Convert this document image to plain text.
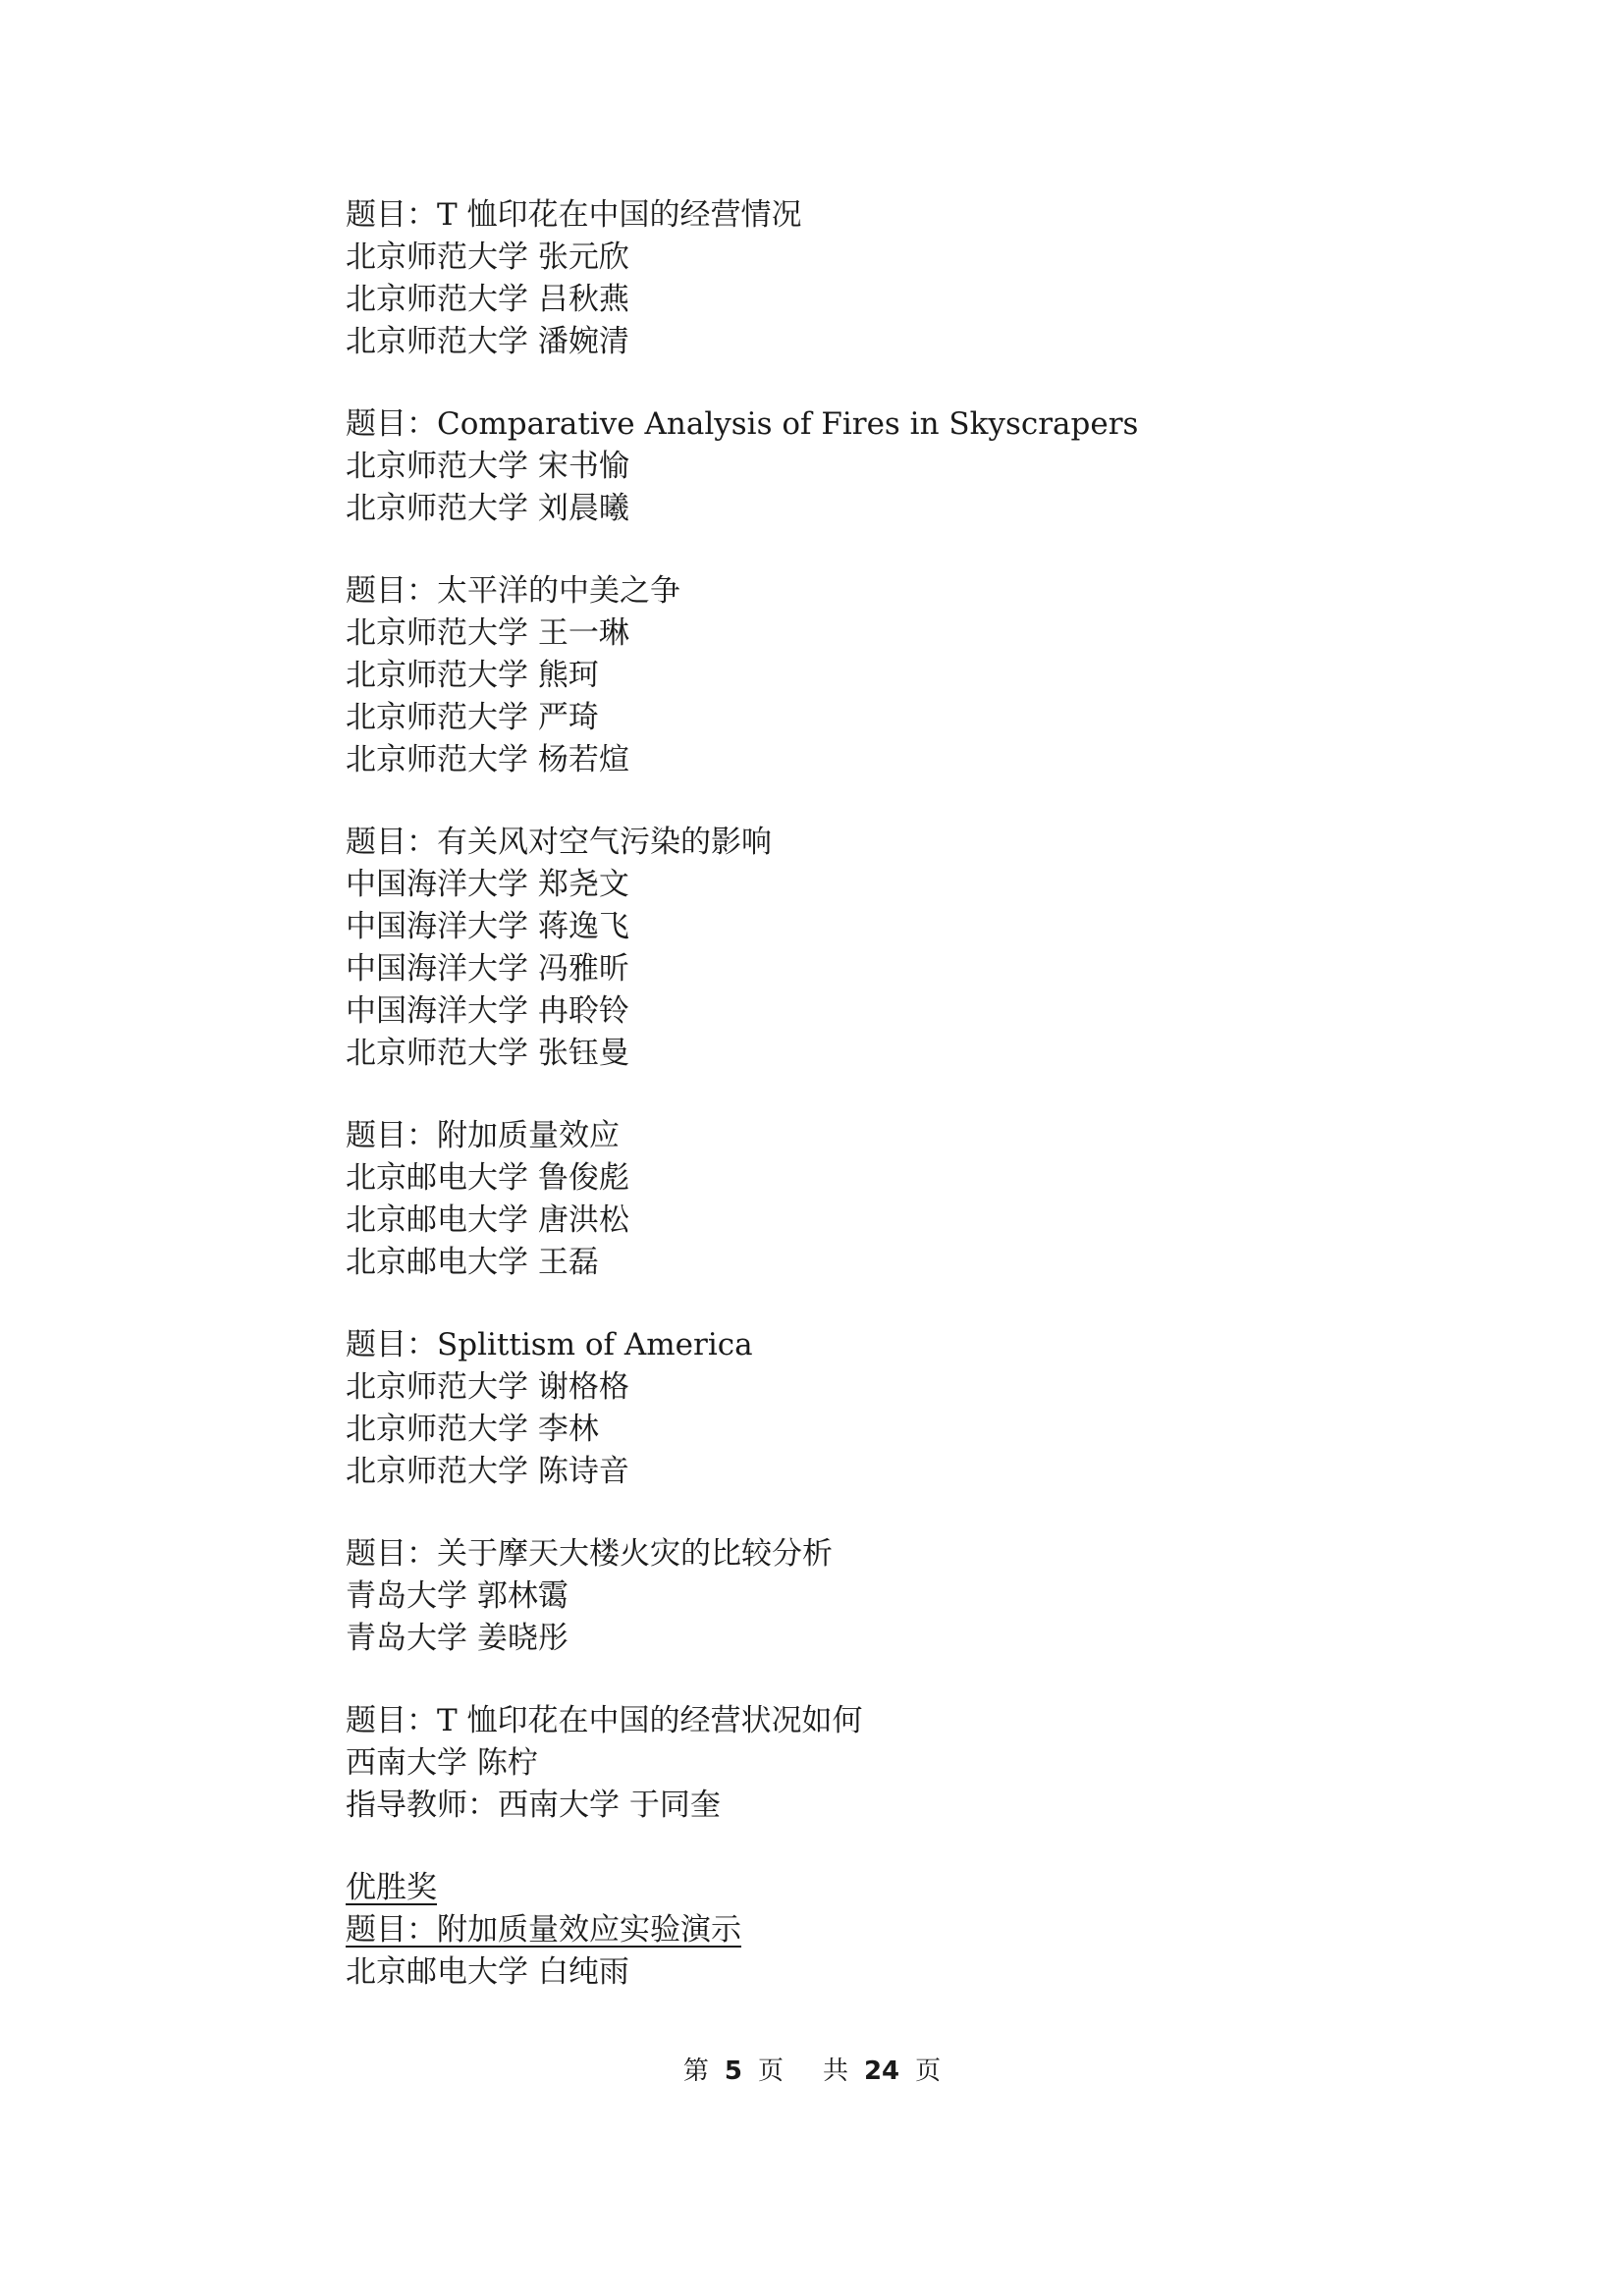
题目：T 恤印花在中国的经营情况
北京师范大学 张元欣
北京师范大学 吕秋燕
北京师范大学 潘婉清
题目：Comparative Analysis of Fires in Skyscrapers
北京师范大学 宋书愉
北京师范大学 刘晨曦
题目：太平洋的中美之争
北京师范大学 王一琳
北京师范大学 熊珂
北京师范大学 严琦
北京师范大学 杨若煊
题目：有关风对空气污染的影响
中国海洋大学 郑尧文
中国海洋大学 蒋逸飞
中国海洋大学 冯雅昕
中国海洋大学 冉聆铃
北京师范大学 张钰曼
题目：附加质量效应
北京邮电大学 鲁俊彪
北京邮电大学 唐洪松
北京邮电大学 王磊
题目：Splittism of America
北京师范大学 谢格格
北京师范大学 李林
北京师范大学 陈诗音
题目：关于摩天大楼火灾的比较分析
青岛大学 郭林霭
青岛大学 姜晓彤
题目：T 恤印花在中国的经营状况如何
西南大学 陈柠
指导教师：西南大学 于同奎
优胜奖
题目：附加质量效应实验演示
北京邮电大学 白纯雨
第 5 页 共 24 页
